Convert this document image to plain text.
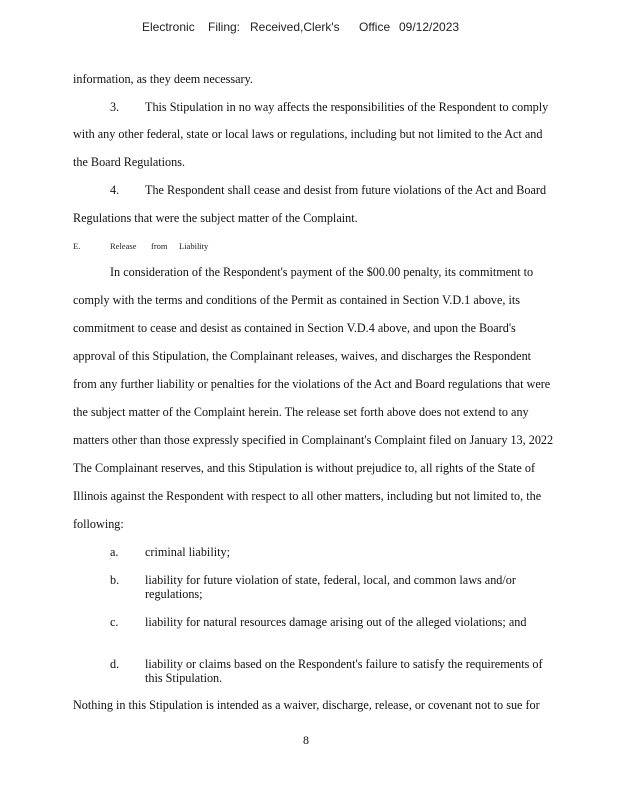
Electronic Filing: Received,Clerk's Office 09/12/2023
information, as they deem necessary.
3. This Stipulation in no way affects the responsibilities of the Respondent to comply
with any other federal, state or local laws or regulations, including but not limited to the Act and
the Board Regulations.
4. The Respondent shall cease and desist from future violations of the Act and Board
Regulations that were the subject matter of the Complaint.
E.	Release from Liability
In consideration of the Respondent's payment of the $00.00 penalty, its commitment to
comply with the terms and conditions of the Permit as contained in Section V.D.1 above, its
commitment to cease and desist as contained in Section V.D.4 above, and upon the Board's
approval of this Stipulation, the Complainant releases, waives, and discharges the Respondent
from any further liability or penalties for the violations of the Act and Board regulations that were
the subject matter of the Complaint herein. The release set forth above does not extend to any
matters other than those expressly specified in Complainant's Complaint filed on January 13, 2022
The Complainant reserves, and this Stipulation is without prejudice to, all rights of the State of
Illinois against the Respondent with respect to all other matters, including but not limited to, the
following:
a. criminal liability;
b. liability for future violation of state, federal, local, and common laws and/or regulations;
c. liability for natural resources damage arising out of the alleged violations; and
d. liability or claims based on the Respondent's failure to satisfy the requirements of this Stipulation.
Nothing in this Stipulation is intended as a waiver, discharge, release, or covenant not to sue for
8
